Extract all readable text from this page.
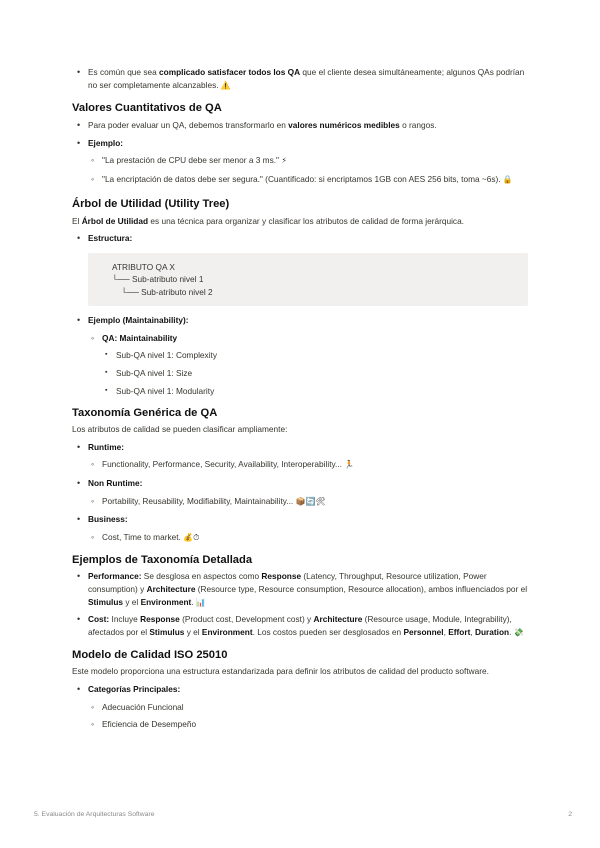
• Es común que sea complicado satisfacer todos los QA que el cliente desea simultáneamente; algunos QAs podrían no ser completamente alcanzables. ⚠️
Valores Cuantitativos de QA
• Para poder evaluar un QA, debemos transformarlo en valores numéricos medibles o rangos.
• Ejemplo:
◦ "La prestación de CPU debe ser menor a 3 ms." ⚡
◦ "La encriptación de datos debe ser segura." (Cuantificado: si encriptamos 1GB con AES 256 bits, toma ~6s). 🔒
Árbol de Utilidad (Utility Tree)

El Árbol de Utilidad es una técnica para organizar y clasificar los atributos de calidad de forma jerárquica.

• Estructura:
ATRIBUTO QA X
└── Sub-atributo nivel 1
└── Sub-atributo nivel 2
• Ejemplo (Maintainability):
◦ QA: Maintainability
▪ Sub-QA nivel 1: Complexity
▪ Sub-QA nivel 1: Size
▪ Sub-QA nivel 1: Modularity
Taxonomía Genérica de QA

Los atributos de calidad se pueden clasificar ampliamente:

• Runtime:
◦ Functionality, Performance, Security, Availability, Interoperability... 🏃
• Non Runtime:
◦ Portability, Reusability, Modifiability, Maintainability... 📦🔄🛠
• Business:
◦ Cost, Time to market. 💰⏱
Ejemplos de Taxonomía Detallada
• Performance: Se desglosa en aspectos como Response (Latency, Throughput, Resource utilization, Power consumption) y Architecture (Resource type, Resource consumption, Resource allocation), ambos influenciados por el Stimulus y el Environment. 📊
• Cost: Incluye Response (Product cost, Development cost) y Architecture (Resource usage, Module, Integrability), afectados por el Stimulus y el Environment. Los costos pueden ser desglosados en Personnel, Effort, Duration. 💸
Modelo de Calidad ISO 25010

Este modelo proporciona una estructura estandarizada para definir los atributos de calidad del producto software.

• Categorías Principales:
◦ Adecuación Funcional
◦ Eficiencia de Desempeño
5. Evaluación de Arquitecturas Software	2
